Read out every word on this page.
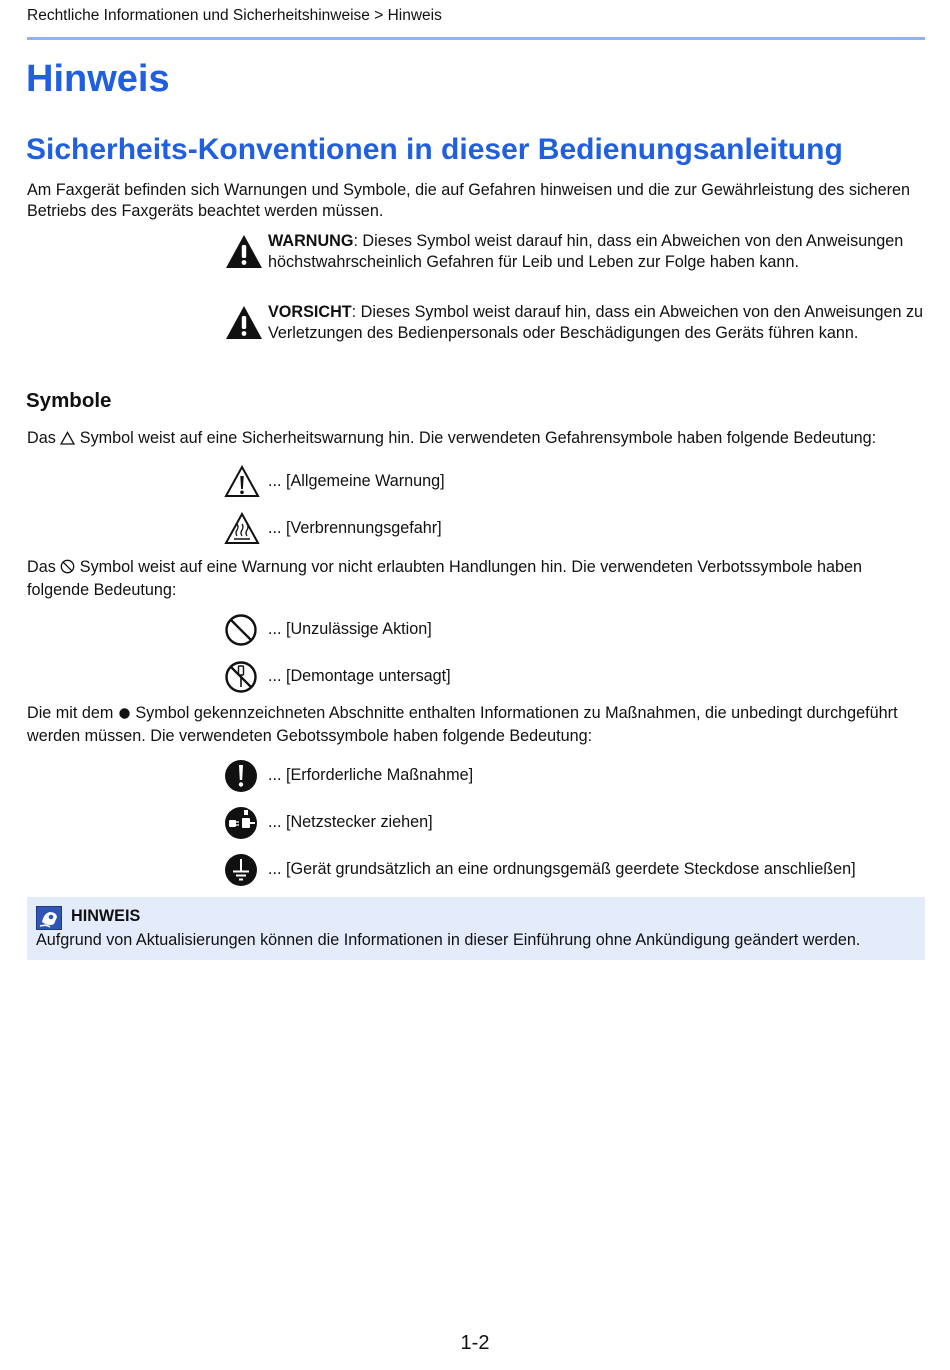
Rechtliche Informationen und Sicherheitshinweise > Hinweis
Hinweis
Sicherheits-Konventionen in dieser Bedienungsanleitung

Am Faxgerät befinden sich Warnungen und Symbole, die auf Gefahren hinweisen und die zur Gewährleistung des sicheren Betriebs des Faxgeräts beachtet werden müssen.

WARNUNG: Dieses Symbol weist darauf hin, dass ein Abweichen von den Anweisungen höchstwahrscheinlich Gefahren für Leib und Leben zur Folge haben kann.

VORSICHT: Dieses Symbol weist darauf hin, dass ein Abweichen von den Anweisungen zu Verletzungen des Bedienpersonals oder Beschädigungen des Geräts führen kann.

Symbole

Das  Symbol weist auf eine Sicherheitswarnung hin. Die verwendeten Gefahrensymbole haben folgende Bedeutung:

... [Allgemeine Warnung]
... [Verbrennungsgefahr]

Das  Symbol weist auf eine Warnung vor nicht erlaubten Handlungen hin. Die verwendeten Verbotssymbole haben folgende Bedeutung:

... [Unzulässige Aktion]
... [Demontage untersagt]

Die mit dem  Symbol gekennzeichneten Abschnitte enthalten Informationen zu Maßnahmen, die unbedingt durchgeführt werden müssen. Die verwendeten Gebotssymbole haben folgende Bedeutung:

... [Erforderliche Maßnahme]
... [Netzstecker ziehen]
... [Gerät grundsätzlich an eine ordnungsgemäß geerdete Steckdose anschließen]
HINWEIS
Aufgrund von Aktualisierungen können die Informationen in dieser Einführung ohne Ankündigung geändert werden.
1-2
